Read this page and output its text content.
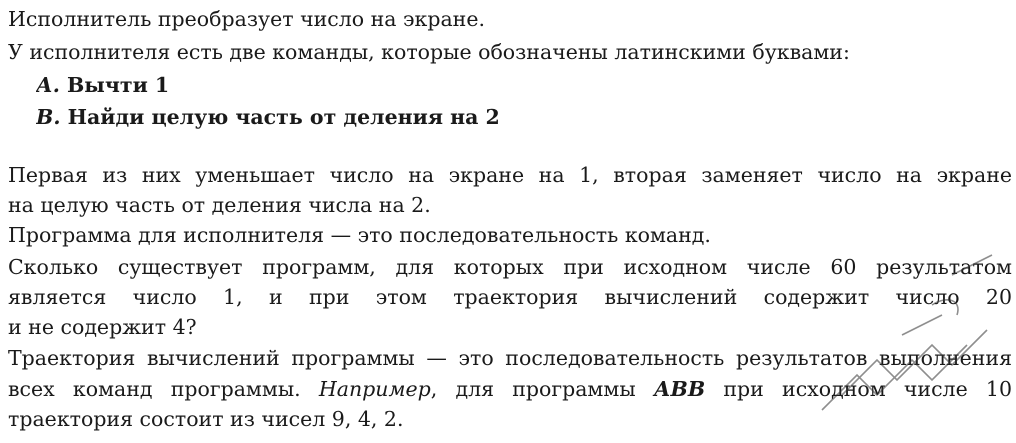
Исполнитель преобразует число на экране.
У исполнителя есть две команды, которые обозначены латинскими буквами:
А. Вычти 1
В. Найди целую часть от деления на 2
Первая из них уменьшает число на экране на 1, вторая заменяет число на экране
на целую часть от деления числа на 2.
Программа для исполнителя — это последовательность команд.
Сколько существует программ, для которых при исходном числе 60 результатом
является число 1, и при этом траектория вычислений содержит число 20
и не содержит 4?
Траектория вычислений программы — это последовательность результатов выполнения
всех команд программы. Например, для программы АВВ при исходном числе 10
траектория состоит из чисел 9, 4, 2.
